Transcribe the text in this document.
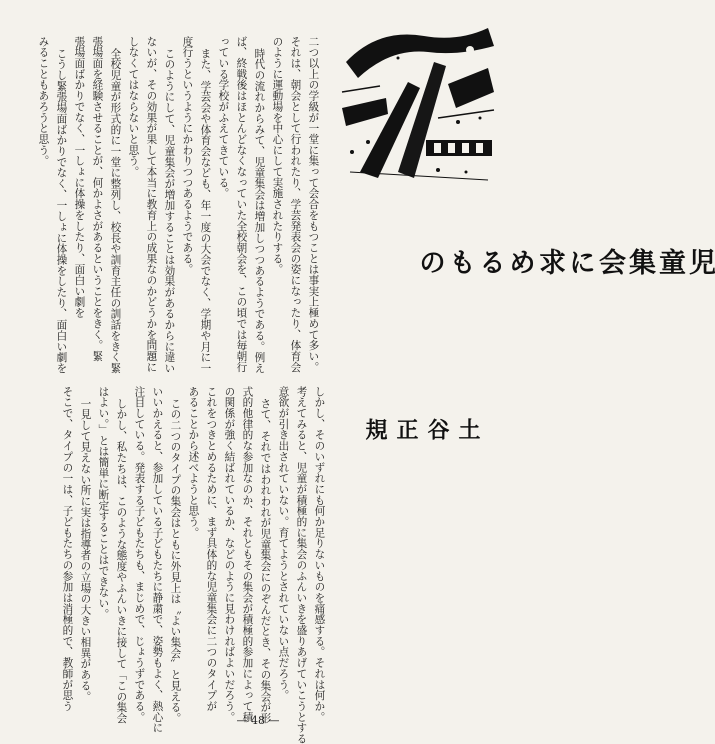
児
童
集
会
に
求
め
る
も
の
土
谷
正
規
二つ以上の学級が一堂に集って会合をもつことは事実上極めて多い。
それは、朝会として行われたり、学芸発表会の姿になったり、体育会
のように運動場を中心にして実施されたりする。
時代の流れからみて、児童集会は増加しつつあるようである。例え
ば、終戦後はほとんどなくなっていた全校朝会を、この頃では毎朝行
っている学校がふえてきている。
また、学芸会や体育会なども、年一度の大会でなく、学期や月に一
度行うというようにかわりつつあるようである。
このようにして、児童集会が増加することは効果があるからに違い
ないが、その効果が果して本当に教育上の成果なのかどうかを問題に
しなくてはならないと思う。
全校児童が形式的に一堂に整列し、校長や訓育主任の訓話をきく緊
張場面を経験させることが、何かよさがあるということをきく。緊
張場面ばかりでなく、一しょに体操をしたり、面白い劇を
こうし緊張場面ばかりでなく、一しょに体操をしたり、面白い劇を
みることもあろうと思う。
しかし、そのいずれにも何か足りないものを痛感する。それは何か。
考えてみると、児童が積極的に集会のふんいきを盛りあげていこうとする
意欲が引き出されていない。育てようとされていない点だろう。
さて、それではわれわれが児童集会にのぞんだとき、その集会が形
式的他律的な参加なのか、それともその集会が積極的参加によって積
の関係が強く結ばれているか、などのように見わければよいだろう。
これをつきとめるために、まず具体的な児童集会に二つのタイプが
あることから述べようと思う。
この二つのタイプの集会はともに外見上は〝よい集会〟と見える。
いいかえると、参加している子どもたちに静粛で、姿勢もよく、熱心に
注目している。発表する子どもたちも、まじめで、じょうずである。
しかし、私たちは、このような態度やふんいきに接して「この集会
はよい。」とは簡単に断定することはできない。
一見して見えない所に実は指導者の立場の大きい相異がある。
そこで、タイプの一は、子どもたちの参加は消極的で、教師が思う
— 48 —
